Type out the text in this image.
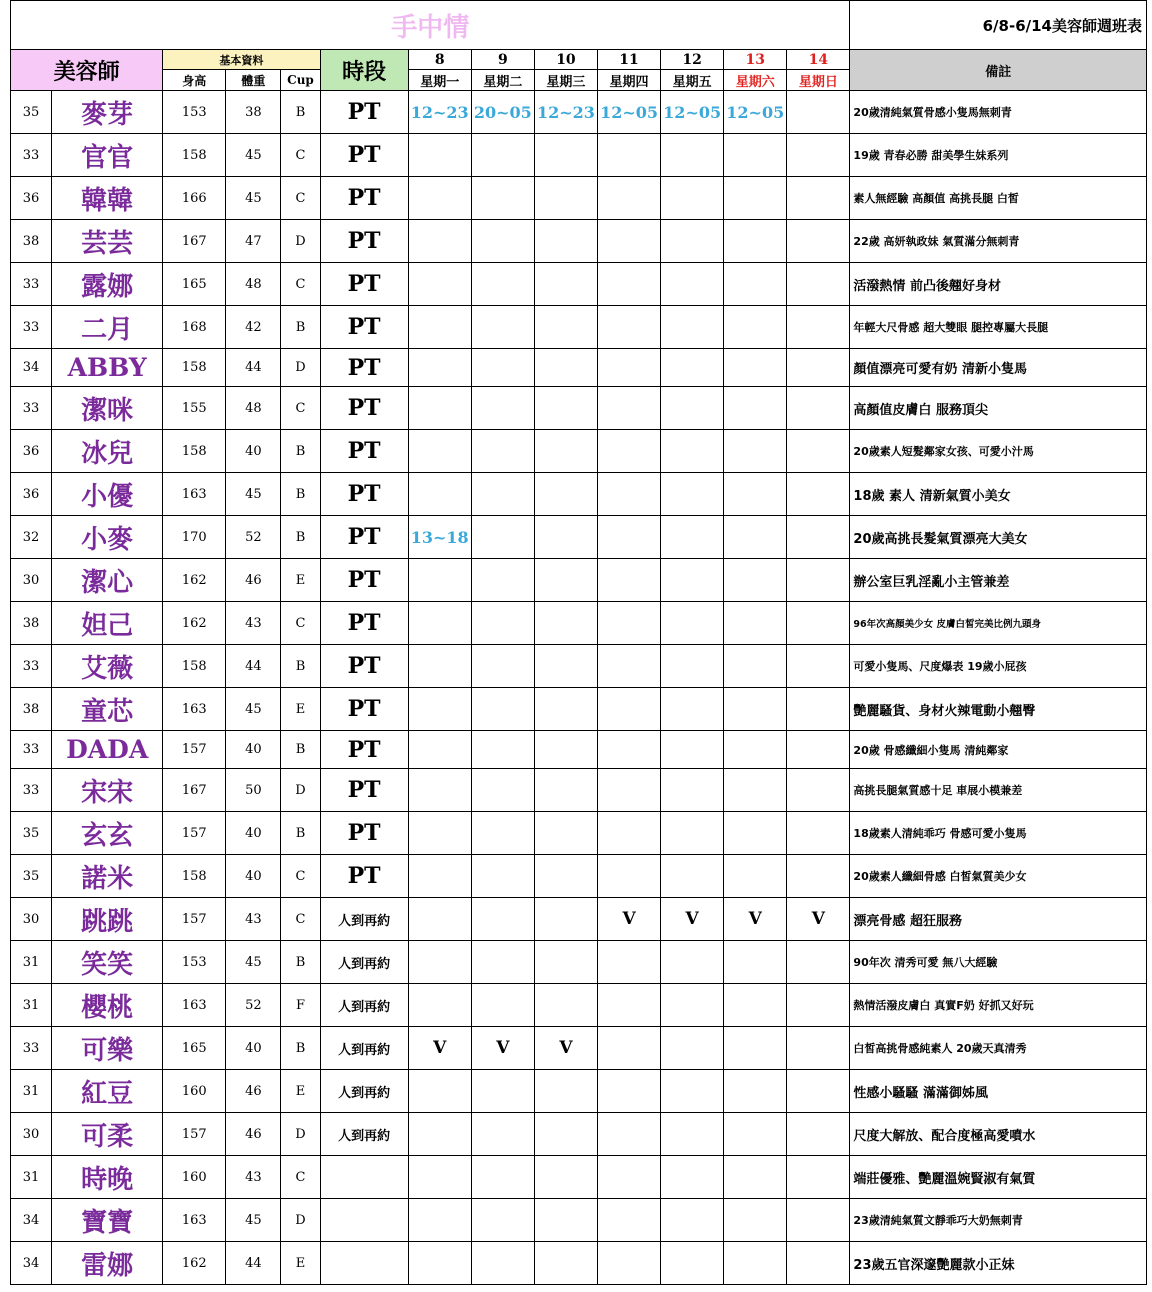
手中情													6/8-6/14美容師週班表
美容師		基本資料			時段	8	9	10	11	12	13	14	備註
		身高	體重	Cup		星期一	星期二	星期三	星期四	星期五	星期六	星期日	
35	麥芽	153	38	B	PT	12~23	20~05	12~23	12~05	12~05	12~05		20歲清純氣質骨感小隻馬無刺青
33	官官	158	45	C	PT								19歲 青春必勝 甜美學生妹系列
36	韓韓	166	45	C	PT								素人無經驗 高顏值 高挑長腿 白皙
38	芸芸	167	47	D	PT								22歲 高妍執政妹 氣質滿分無刺青
33	露娜	165	48	C	PT								活潑熱情 前凸後翹好身材
33	二月	168	42	B	PT								年輕大尺骨感 超大雙眼 腿控專屬大長腿
34	ABBY	158	44	D	PT								顏值漂亮可愛有奶 清新小隻馬
33	潔咪	155	48	C	PT								高顏值皮膚白 服務頂尖
36	冰兒	158	40	B	PT								20歲素人短髮鄰家女孩、可愛小汁馬
36	小優	163	45	B	PT								18歲 素人 清新氣質小美女
32	小麥	170	52	B	PT	13~18							20歲高挑長髮氣質漂亮大美女
30	潔心	162	46	E	PT								辦公室巨乳淫亂小主管兼差
38	妲己	162	43	C	PT								96年次高顏美少女 皮膚白皙完美比例九頭身
33	艾薇	158	44	B	PT								可愛小隻馬、尺度爆表 19歲小屁孩
38	童芯	163	45	E	PT								艷麗騷貨、身材火辣電動小翹臀
33	DADA	157	40	B	PT								20歲 骨感纖細小隻馬 清純鄰家
33	宋宋	167	50	D	PT								高挑長腿氣質感十足 車展小模兼差
35	玄玄	157	40	B	PT								18歲素人清純乖巧 骨感可愛小隻馬
35	諾米	158	40	C	PT								20歲素人纖細骨感 白皙氣質美少女
30	跳跳	157	43	C	人到再約				V	V	V	V	漂亮骨感 超狂服務
31	笑笑	153	45	B	人到再約								90年次 清秀可愛 無八大經驗
31	櫻桃	163	52	F	人到再約								熱情活潑皮膚白 真實F奶 好抓又好玩
33	可樂	165	40	B	人到再約	V	V	V					白皙高挑骨感純素人 20歲天真清秀
31	紅豆	160	46	E	人到再約								性感小騷騷 滿滿御姊風
30	可柔	157	46	D	人到再約								尺度大解放、配合度極高愛噴水
31	時晚	160	43	C									端莊優雅、艷麗溫婉賢淑有氣質
34	寶寶	163	45	D									23歲清純氣質文靜乖巧大奶無刺青
34	雷娜	162	44	E									23歲五官深邃艷麗款小正妹
